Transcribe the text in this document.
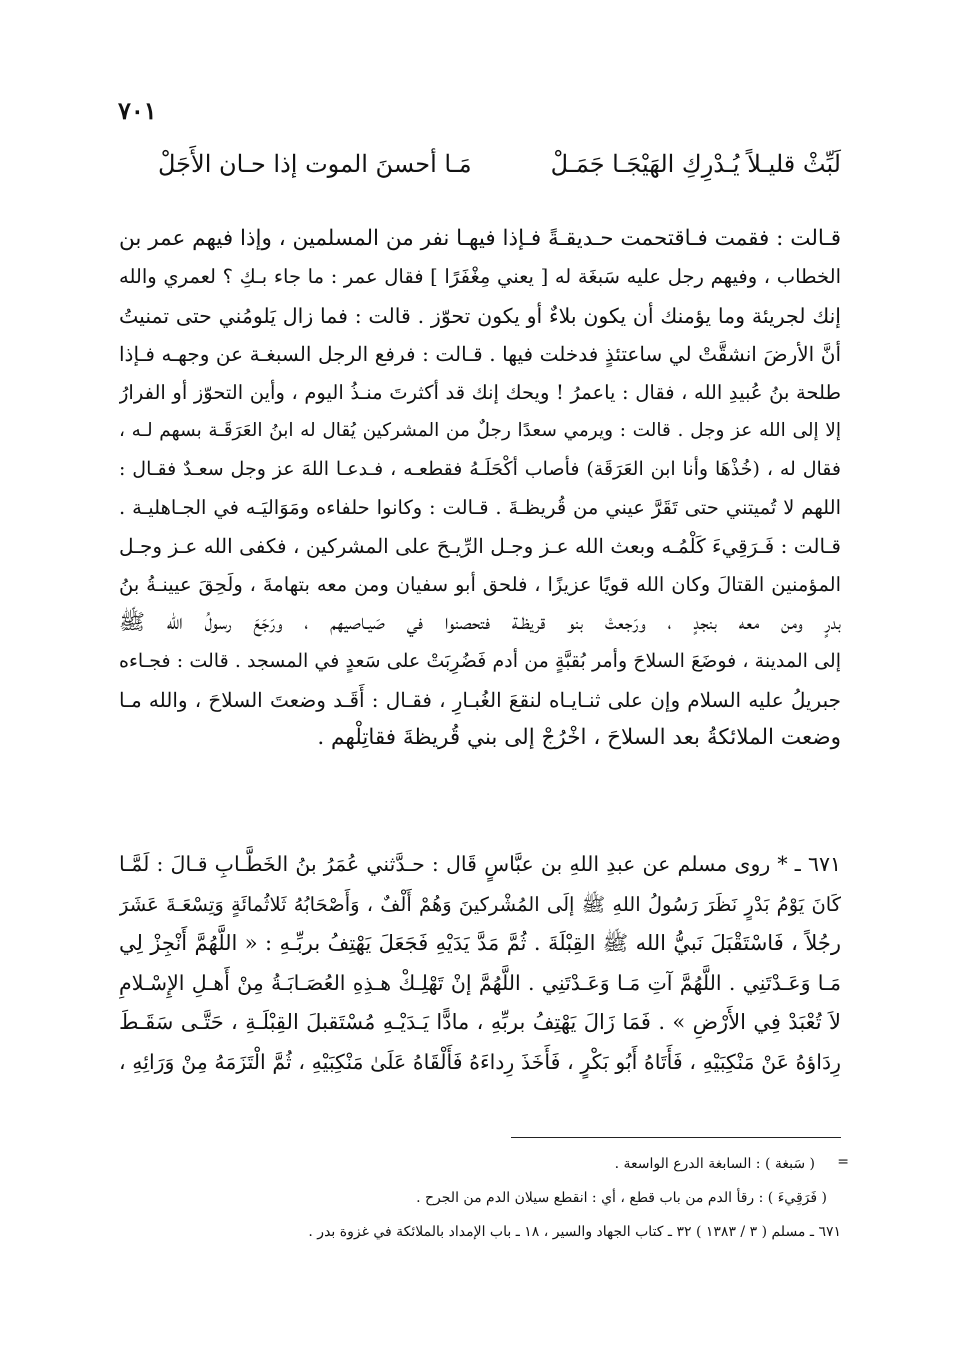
٧٠١
لَبِّثْ قليـلاً يُـدْرِكِ الهَيْجَـا جَمَـلْ
مَـا أحسنَ الموت إذا حـان الأَجَلْ
قـالت : فقمت فـاقتحمت حـديقـةً فـإذا فيهـا نفر من المسلمين ، وإذا فيهم عمر بن
الخطاب ، وفيهم رجل عليه سَبغَة له [ يعني مِغْفَرًا ] فقال عمر : ما جاء بـكِ ؟ لعمري والله
إنك لجريئة وما يؤمنك أن يكون بلاءٌ أو يكون تحوّز . قالت : فما زال يَلومُني حتى تمنيتُ
أنَّ الأرضَ انشقَّتْ لي ساعتئذٍ فدخلت فيها . قـالت : فرفع الرجل السبغـة عن وجهـه فـإذا
طلحة بنُ عُبيدِ الله ، فقال : ياعمرُ ! ويحك إنك قد أكثرتَ منـذُ اليوم ، وأين التحوّز أو الفرارُ
إلا إلى الله عز وجل . قالت : ويرمي سعدًا رجلٌ من المشركين يُقال له ابنُ العَرَقَـة بسهم لـه ،
فقال له ، (خُذْهَا وأنا ابن العَرَقَة) فأصاب أكْحَلَـهُ فقطعـه ، فـدعـا اللهَ عز وجل سعـدٌ فقـال :
اللهم لا تُميتني حتى تَقَرَّ عيني من قُريظـةَ . قـالت : وكانوا حلفاءه ومَوَاليَـه في الجـاهليـة .
قـالت : فَـرَقِيءَ كَلْمُـه وبعث الله عـز وجـل الرِّيـحَ على المشركين ، فكفى الله عـز وجـل
المؤمنين القتالَ وكان الله قويًا عزيزًا ، فلحق أبو سفيان ومن معه بتهامةَ ، ولَحِقَ عيينـةُ بنُ
بدرٍ ومن معه بنجدٍ ، ورَجعتْ بنو قريظـة فتحصنوا في صَيـاصيهم ، ورَجَعَ رسولُ الله ﷺ
إلى المدينة ، فوضَعَ السلاحَ وأمر بُقبَّةٍ من أدم فَضُرِبَتْ على سَعدٍ في المسجد . قالت : فجـاءه
جبريلُ عليه السلام وإن على ثنـايـاه لنقعَ الغُبـارِ ، فقـال : أَقَـد وضعتَ السلاحَ ، والله مـا
وضعت الملائكةُ بعد السلاحَ ، اخْرُجْ إلى بني قُريظةَ فقاتِلْهم .
٦٧١ ـ * روى مسلم عن عبدِ اللهِ بن عبَّاسٍ قَال : حـدَّثني عُمَرُ بنُ الخَطَّـابِ قـالَ : لَمَّـا
كَانَ يَوْمُ بَدْرٍ نَظَرَ رَسُولُ اللهِ ﷺ إلَى المُشْركينَ وَهُمْ أَلْفٌ ، وَأَصْحَابُهُ ثَلاثُمائَةٍ وَتِسْعَـةَ عَشَرَ
رجُلاً ، فَاسْتَقْبَلَ نَبيُّ الله ﷺ القِبْلَةَ . ثُمَّ مَدَّ يَدَيْهِ فَجَعَلَ يَهْتِفُ بربِّـهِ : « اللَّهُمَّ أَنْجِزْ لِي
مَـا وَعَـدْتَنِي . اللَّهُمَّ آتِ مَـا وَعَـدْتَنِي . اللَّهُمَّ إنْ تَهْلِـكْ هـذِهِ العُصَـابَـةُ مِنْ أَهـلِ الإِسْـلامِ
لاَ تُعْبَدْ فِي الأَرْضِ » . فَمَا زَالَ يَهْتِفُ بربِّهِ ، مادًّا يَـدَيْـهِ مُسْتَقبلَ القِبْلَـةِ ، حَتَّـى سَقَـطَ
رِدَاؤهُ عَنْ مَنْكِبَيْهِ ، فَأَتَاهُ أَبُو بَكْرٍ ، فَأَخَذَ رِداءَهُ فَأَلْقَاهُ عَلَىٰ مَنْكِبَيْهِ ، ثُمَّ الْتَزَمَهُ مِنْ وَرَائِهِ ،
=
( سَبغة ) : السابغة الدرع الواسعة .
( فَرَقِيءَ ) : رقأ الدم من باب قطع ، أي : انقطع سيلان الدم من الجرح .
٦٧١ ـ مسلم ( ٣ / ١٣٨٣ ) ٣٢ ـ كتاب الجهاد والسير ، ١٨ ـ باب الإمداد بالملائكة في غزوة بدر .
